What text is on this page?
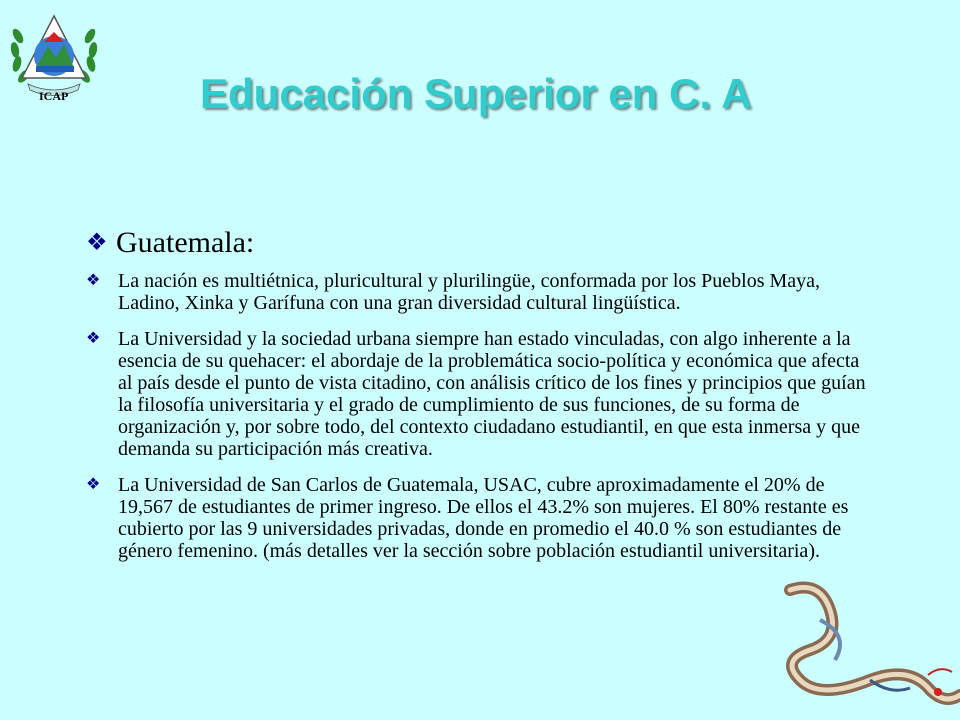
ICAP	Educación Superior en C. A
❖ Guatemala:
❖ La nación es multiétnica, pluricultural y plurilingüe, conformada por los Pueblos Maya, Ladino, Xinka y Garífuna con una gran diversidad cultural lingüística.
❖ La Universidad y la sociedad urbana siempre han estado vinculadas, con algo inherente a la esencia de su quehacer: el abordaje de la problemática socio-política y económica que afecta al país desde el punto de vista citadino, con análisis crítico de los fines y principios que guían la filosofía universitaria y el grado de cumplimiento de sus funciones, de su forma de organización y, por sobre todo, del contexto ciudadano estudiantil, en que esta inmersa y que demanda su participación más creativa.
❖ La Universidad de San Carlos de Guatemala, USAC, cubre aproximadamente el 20% de 19,567 de estudiantes de primer ingreso. De ellos el 43.2% son mujeres. El 80% restante es cubierto por las 9 universidades privadas, donde en promedio el 40.0 % son estudiantes de género femenino. (más detalles ver la sección sobre población estudiantil universitaria).
